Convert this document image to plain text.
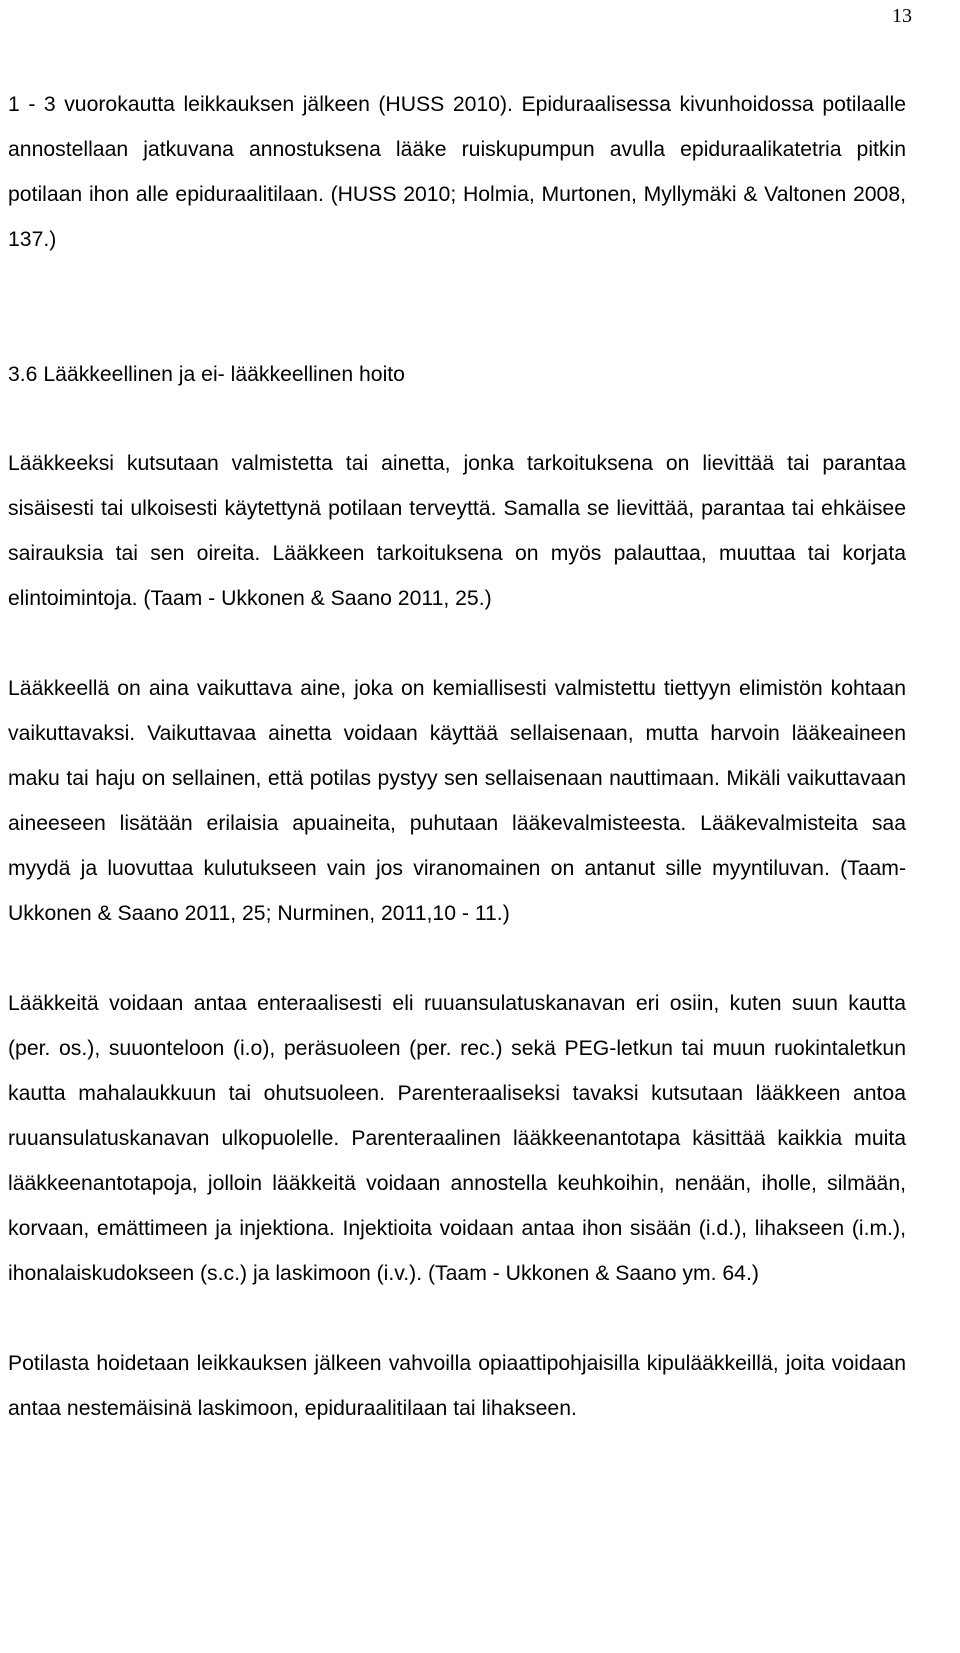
13

1 - 3 vuorokautta leikkauksen jälkeen (HUSS 2010). Epiduraalisessa kivunhoidossa potilaalle annostellaan jatkuvana annostuksena lääke ruiskupumpun avulla epiduraalikatetria pitkin potilaan ihon alle epiduraalitilaan. (HUSS 2010; Holmia, Murtonen, Myllymäki & Valtonen 2008, 137.)

3.6 Lääkkeellinen ja ei- lääkkeellinen hoito

Lääkkeeksi kutsutaan valmistetta tai ainetta, jonka tarkoituksena on lievittää tai parantaa sisäisesti tai ulkoisesti käytettynä potilaan terveyttä. Samalla se lievittää, parantaa tai ehkäisee sairauksia tai sen oireita. Lääkkeen tarkoituksena on myös palauttaa, muuttaa tai korjata elintoimintoja. (Taam - Ukkonen & Saano 2011, 25.)

Lääkkeellä on aina vaikuttava aine, joka on kemiallisesti valmistettu tiettyyn elimistön kohtaan vaikuttavaksi. Vaikuttavaa ainetta voidaan käyttää sellaisenaan, mutta harvoin lääkeaineen maku tai haju on sellainen, että potilas pystyy sen sellaisenaan nauttimaan. Mikäli vaikuttavaan aineeseen lisätään erilaisia apuaineita, puhutaan lääkevalmisteesta. Lääkevalmisteita saa myydä ja luovuttaa kulutukseen vain jos viranomainen on antanut sille myyntiluvan. (Taam-Ukkonen & Saano 2011, 25; Nurminen, 2011,10 - 11.)

Lääkkeitä voidaan antaa enteraalisesti eli ruuansulatuskanavan eri osiin, kuten suun kautta (per. os.), suuonteloon (i.o), peräsuoleen (per. rec.) sekä PEG-letkun tai muun ruokintaletkun kautta mahalaukkuun tai ohutsuoleen. Parenteraaliseksi tavaksi kutsutaan lääkkeen antoa ruuansulatuskanavan ulkopuolelle. Parenteraalinen lääkkeenantotapa käsittää kaikkia muita lääkkeenantotapoja, jolloin lääkkeitä voidaan annostella keuhkoihin, nenään, iholle, silmään, korvaan, emättimeen ja injektiona. Injektioita voidaan antaa ihon sisään (i.d.), lihakseen (i.m.), ihonalaiskudokseen (s.c.) ja laskimoon (i.v.). (Taam - Ukkonen & Saano ym. 64.)

Potilasta hoidetaan leikkauksen jälkeen vahvoilla opiaattipohjaisilla kipulääkkeillä, joita voidaan antaa nestemäisinä laskimoon, epiduraalitilaan tai lihakseen.
